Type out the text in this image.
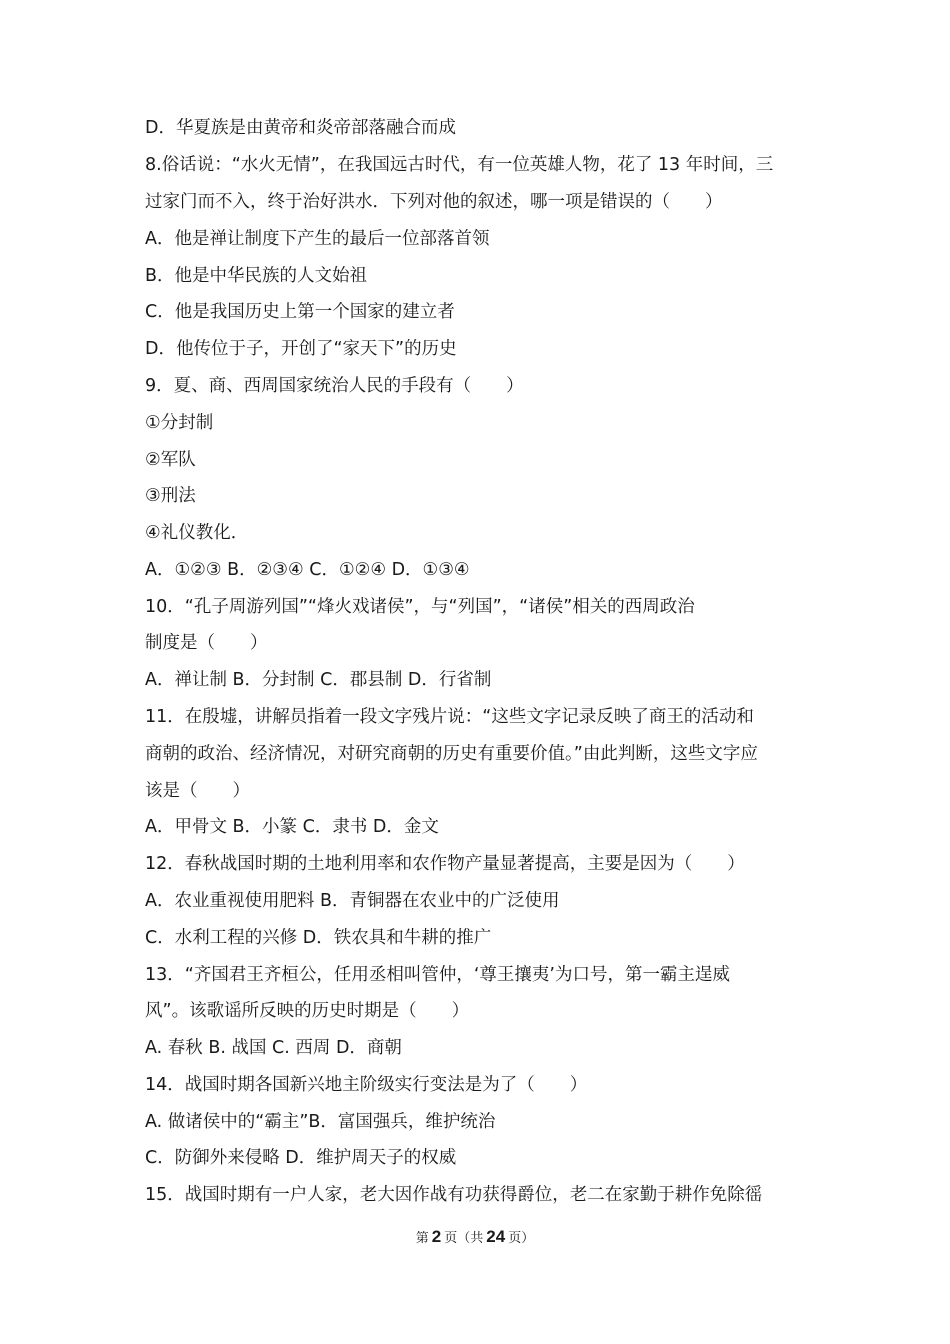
D．华夏族是由黄帝和炎帝部落融合而成
8.俗话说：“水火无情”，在我国远古时代，有一位英雄人物，花了 13 年时间，三
过家门而不入，终于治好洪水．下列对他的叙述，哪一项是错误的（　　）
A．他是禅让制度下产生的最后一位部落首领
B．他是中华民族的人文始祖
C．他是我国历史上第一个国家的建立者
D．他传位于子，开创了“家天下”的历史
9．夏、商、西周国家统治人民的手段有（　　）
①分封制
②军队
③刑法
④礼仪教化．
A．①②③ B．②③④ C．①②④ D．①③④
10．“孔子周游列国”“烽火戏诸侯”，与“列国”，“诸侯”相关的西周政治
制度是（　　）
A．禅让制 B．分封制 C．郡县制 D．行省制
11．在殷墟，讲解员指着一段文字残片说：“这些文字记录反映了商王的活动和
商朝的政治、经济情况，对研究商朝的历史有重要价值。”由此判断，这些文字应
该是（　　）
A．甲骨文 B．小篆 C．隶书 D．金文
12．春秋战国时期的土地利用率和农作物产量显著提高，主要是因为（　　）
A．农业重视使用肥料 B．青铜器在农业中的广泛使用
C．水利工程的兴修 D．铁农具和牛耕的推广
13．“齐国君王齐桓公，任用丞相叫管仲，‘尊王攘夷’为口号，第一霸主逞威
风”。该歌谣所反映的历史时期是（　　）
A. 春秋 B. 战国 C. 西周 D．商朝
14．战国时期各国新兴地主阶级实行变法是为了（　　）
A. 做诸侯中的“霸主”B．富国强兵，维护统治
C．防御外来侵略 D．维护周天子的权威
15．战国时期有一户人家，老大因作战有功获得爵位，老二在家勤于耕作免除徭
第 2 页（共 24 页）
